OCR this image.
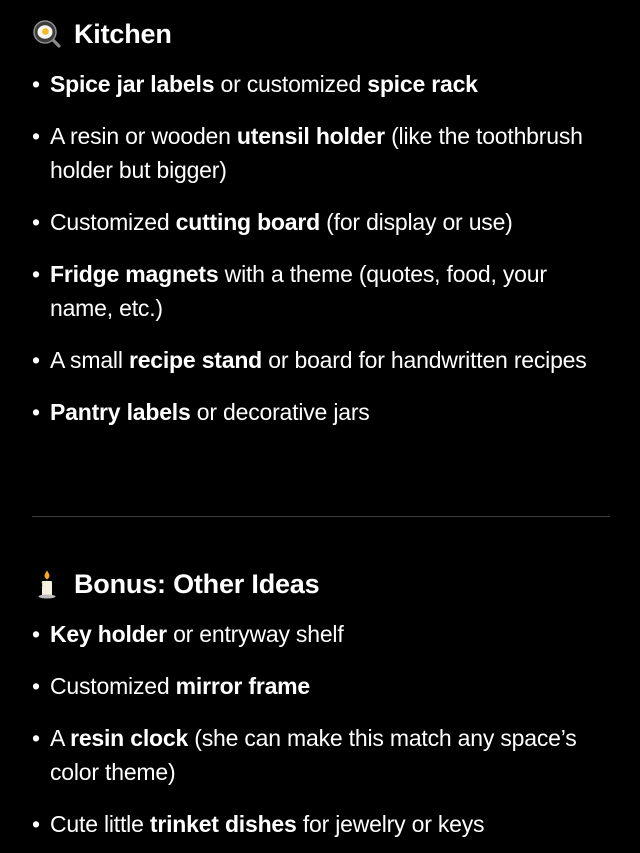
Kitchen
• Spice jar labels or customized spice rack
• A resin or wooden utensil holder (like the toothbrush holder but bigger)
• Customized cutting board (for display or use)
• Fridge magnets with a theme (quotes, food, your name, etc.)
• A small recipe stand or board for handwritten recipes
• Pantry labels or decorative jars
Bonus: Other Ideas
• Key holder or entryway shelf
• Customized mirror frame
• A resin clock (she can make this match any space’s color theme)
• Cute little trinket dishes for jewelry or keys
